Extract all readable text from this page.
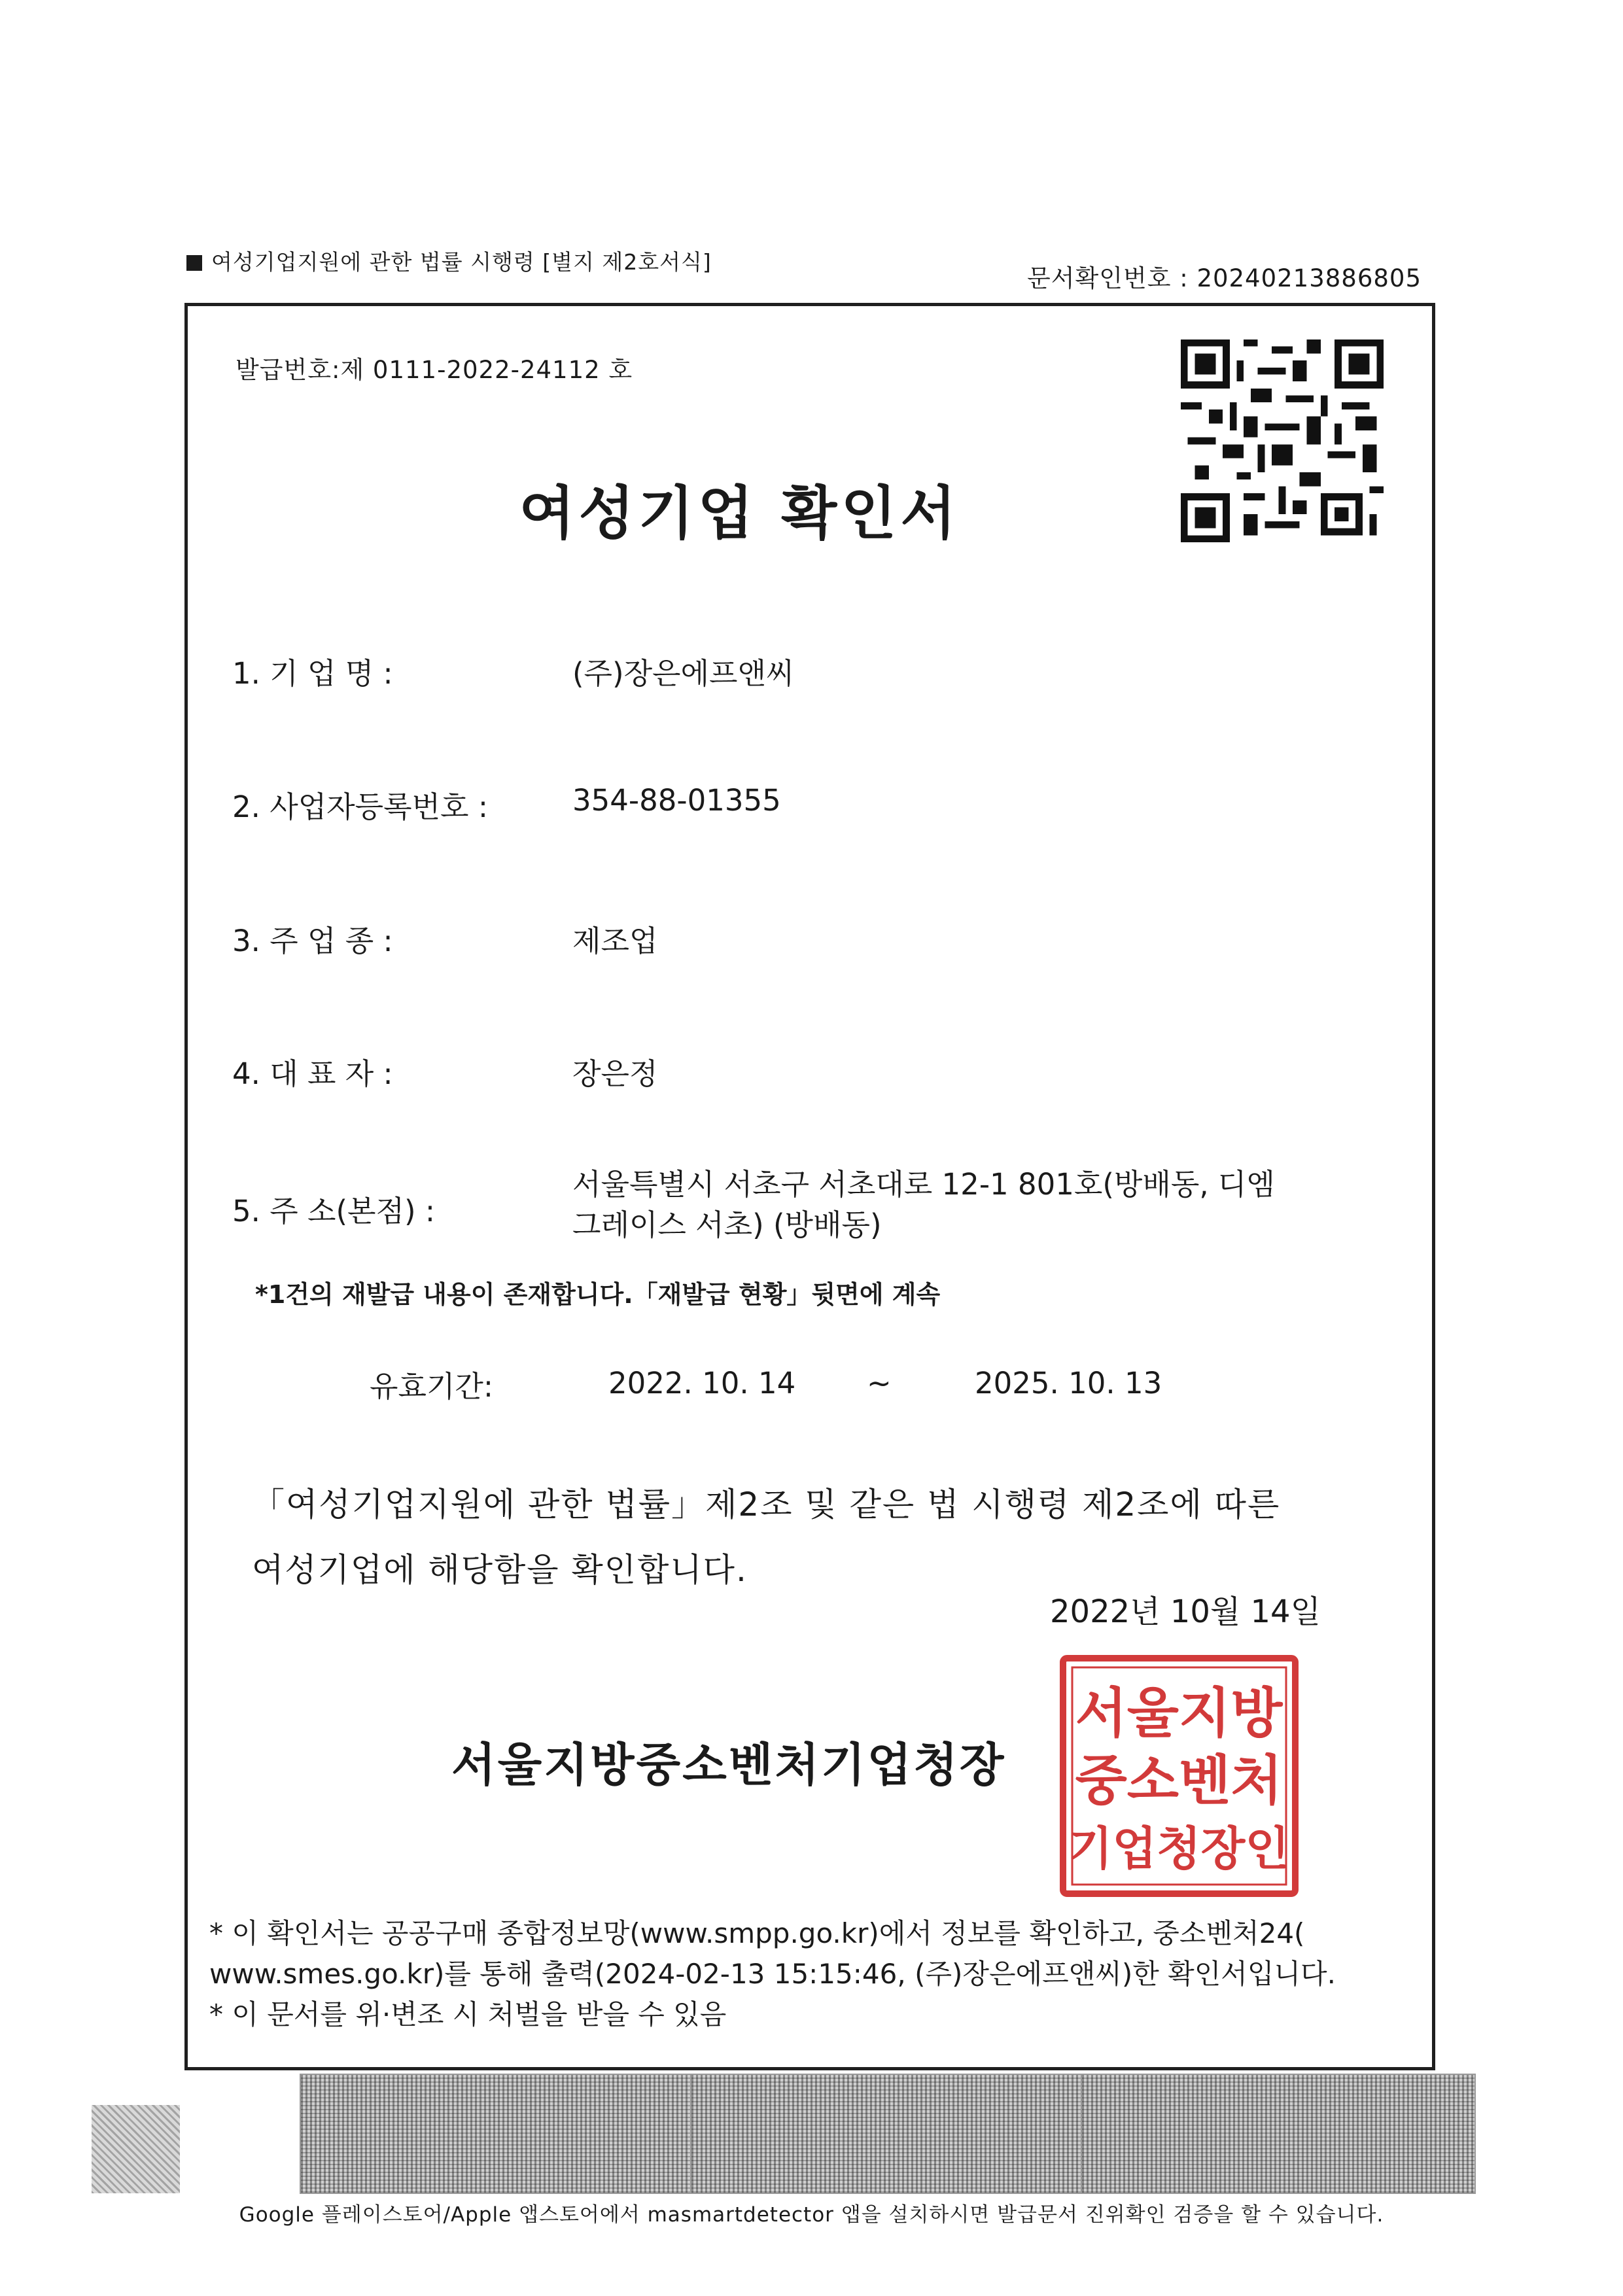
여성기업지원에 관한 법률 시행령 [별지 제2호서식]
문서확인번호 : 20240213886805
발급번호:제 0111-2022-24112 호
여성기업 확인서
1. 기 업 명 :	(주)장은에프앤씨
2. 사업자등록번호 :	354-88-01355
3. 주 업 종 :	제조업
4. 대 표 자 :	장은정
5. 주 소(본점) :
서울특별시 서초구 서초대로 12-1 801호(방배동, 디엠
그레이스 서초) (방배동)
*1건의 재발급 내용이 존재합니다.「재발급 현황」뒷면에 계속
유효기간:	2022. 10. 14 ~	2025. 10. 13
「여성기업지원에 관한 법률」제2조 및 같은 법 시행령 제2조에 따른
여성기업에 해당함을 확인합니다.
2022년 10월 14일
서울지방중소벤처기업청장
서울지방
중소벤처
기업청장인
* 이 확인서는 공공구매 종합정보망(www.smpp.go.kr)에서 정보를 확인하고, 중소벤처24(
www.smes.go.kr)를 통해 출력(2024-02-13 15:15:46, (주)장은에프앤씨)한 확인서입니다.
* 이 문서를 위·변조 시 처벌을 받을 수 있음
Google 플레이스토어/Apple 앱스토어에서 masmartdetector 앱을 설치하시면 발급문서 진위확인 검증을 할 수 있습니다.
